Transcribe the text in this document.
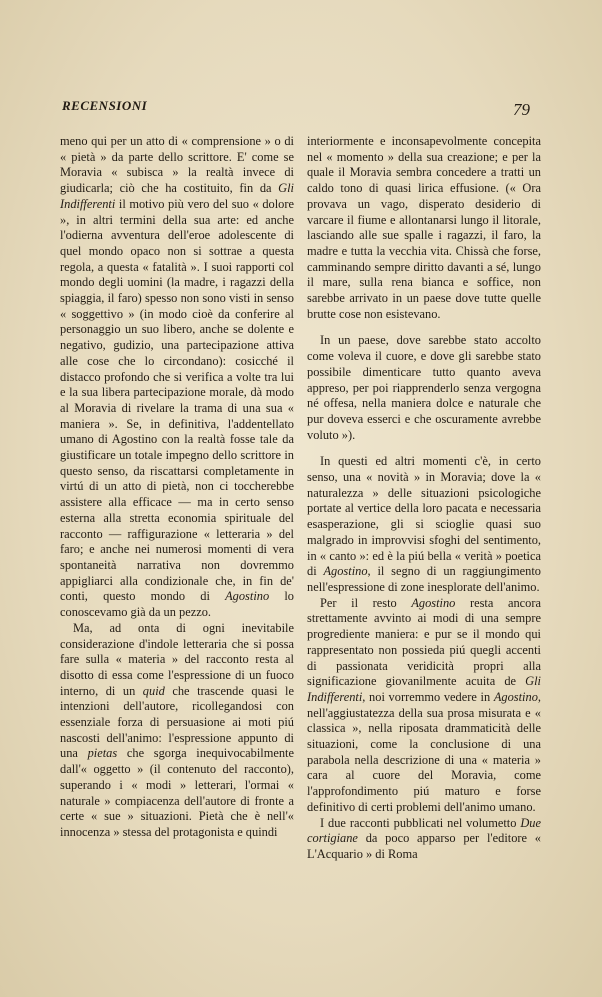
RECENSIONI	79

meno qui per un atto di « comprensione » o di « pietà » da parte dello scrittore. E' come se Moravia « subisca » la realtà invece di giudicarla; ciò che ha costituito, fin da Gli Indifferenti il motivo più vero del suo « dolore », in altri termini della sua arte: ed anche l'odierna avventura dell'eroe adolescente di quel mondo opaco non si sottrae a questa regola, a questa « fatalità ». I suoi rapporti col mondo degli uomini (la madre, i ragazzi della spiaggia, il faro) spesso non sono visti in senso « soggettivo » (in modo cioè da conferire al personaggio un suo libero, anche se dolente e negativo, gudizio, una partecipazione attiva alle cose che lo circondano): cosicché il distacco profondo che si verifica a volte tra lui e la sua libera partecipazione morale, dà modo al Moravia di rivelare la trama di una sua « maniera ». Se, in definitiva, l'addentellato umano di Agostino con la realtà fosse tale da giustificare un totale impegno dello scrittore in questo senso, da riscattarsi completamente in virtú di un atto di pietà, non ci toccherebbe assistere alla efficace — ma in certo senso esterna alla stretta economia spirituale del racconto — raffigurazione « letteraria » del faro; e anche nei numerosi momenti di vera spontaneità narrativa non dovremmo appigliarci alla condizionale che, in fin de' conti, questo mondo di Agostino lo conoscevamo già da un pezzo.

Ma, ad onta di ogni inevitabile considerazione d'indole letteraria che si possa fare sulla « materia » del racconto resta al disotto di essa come l'espressione di un fuoco interno, di un quid che trascende quasi le intenzioni dell'autore, ricollegandosi con essenziale forza di persuasione ai moti piú nascosti dell'animo: l'espressione appunto di una pietas che sgorga inequivocabilmente dall'« oggetto » (il contenuto del racconto), superando i « modi » letterari, l'ormai « naturale » compiacenza dell'autore di fronte a certe « sue » situazioni. Pietà che è nell'« innocenza » stessa del protagonista e quindi

interiormente e inconsapevolmente concepita nel « momento » della sua creazione; e per la quale il Moravia sembra concedere a tratti un caldo tono di quasi lirica effusione. (« Ora provava un vago, disperato desiderio di varcare il fiume e allontanarsi lungo il litorale, lasciando alle sue spalle i ragazzi, il faro, la madre e tutta la vecchia vita. Chissà che forse, camminando sempre diritto davanti a sé, lungo il mare, sulla rena bianca e soffice, non sarebbe arrivato in un paese dove tutte quelle brutte cose non esistevano.

In un paese, dove sarebbe stato accolto come voleva il cuore, e dove gli sarebbe stato possibile dimenticare tutto quanto aveva appreso, per poi riapprenderlo senza vergogna né offesa, nella maniera dolce e naturale che pur doveva esserci e che oscuramente avrebbe voluto »).

In questi ed altri momenti c'è, in certo senso, una « novità » in Moravia; dove la « naturalezza » delle situazioni psicologiche portate al vertice della loro pacata e necessaria esasperazione, gli si scioglie quasi suo malgrado in improvvisi sfoghi del sentimento, in « canto »: ed è la piú bella « verità » poetica di Agostino, il segno di un raggiungimento nell'espressione di zone inesplorate dell'animo.

Per il resto Agostino resta ancora strettamente avvinto ai modi di una sempre progrediente maniera: e pur se il mondo qui rappresentato non possieda piú quegli accenti di passionata veridicità propri alla significazione giovanilmente acuita de Gli Indifferenti, noi vorremmo vedere in Agostino, nell'aggiustatezza della sua prosa misurata e « classica », nella riposata drammaticità delle situazioni, come la conclusione di una parabola nella descrizione di una « materia » cara al cuore del Moravia, come l'approfondimento piú maturo e forse definitivo di certi problemi dell'animo umano.

I due racconti pubblicati nel volumetto Due cortigiane da poco apparso per l'editore « L'Acquario » di Roma
